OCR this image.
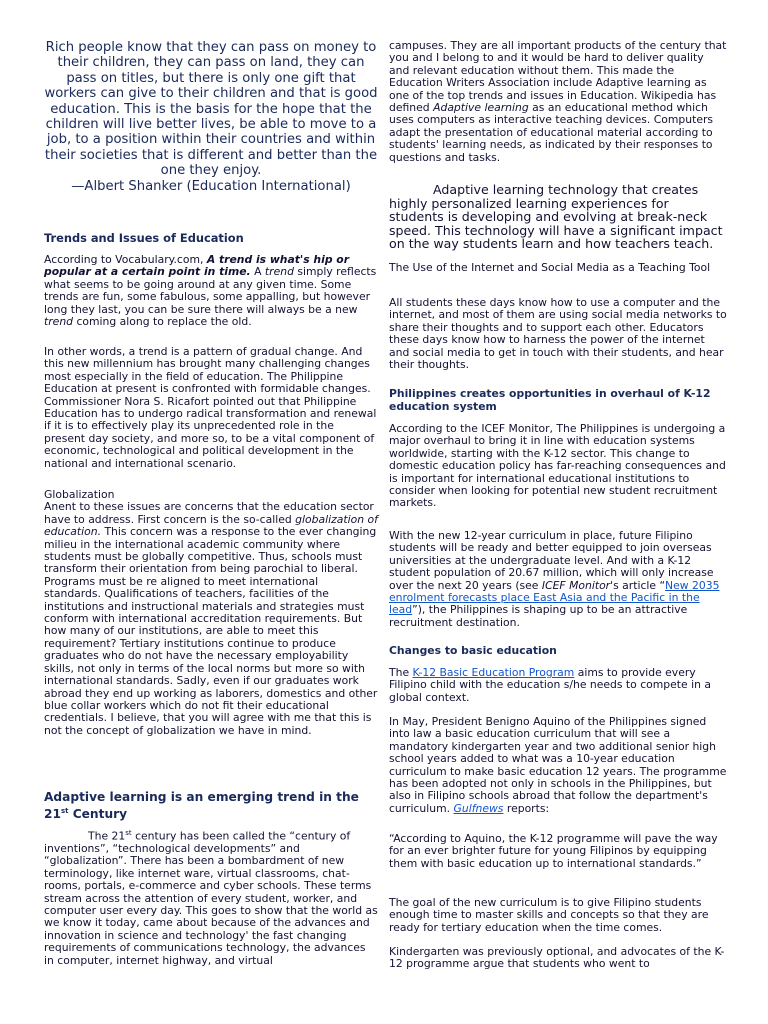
Rich people know that they can pass on money to their children, they can pass on land, they can pass on titles, but there is only one gift that workers can give to their children and that is good education. This is the basis for the hope that the children will live better lives, be able to move to a job, to a position within their countries and within their societies that is different and better than the one they enjoy.
—Albert Shanker (Education International)

Trends and Issues of Education

According to Vocabulary.com, A trend is what's hip or popular at a certain point in time. A trend simply reflects what seems to be going around at any given time. Some trends are fun, some fabulous, some appalling, but however long they last, you can be sure there will always be a new trend coming along to replace the old.

In other words, a trend is a pattern of gradual change. And this new millennium has brought many challenging changes most especially in the field of education. The Philippine Education at present is confronted with formidable changes. Commissioner Nora S. Ricafort pointed out that Philippine Education has to undergo radical transformation and renewal if it is to effectively play its unprecedented role in the present day society, and more so, to be a vital component of economic, technological and political development in the national and international scenario.

Globalization
Anent to these issues are concerns that the education sector have to address. First concern is the so-called globalization of education. This concern was a response to the ever changing milieu in the international academic community where students must be globally competitive. Thus, schools must transform their orientation from being parochial to liberal. Programs must be re aligned to meet international standards. Qualifications of teachers, facilities of the institutions and instructional materials and strategies must conform with international accreditation requirements. But how many of our institutions, are able to meet this requirement? Tertiary institutions continue to produce graduates who do not have the necessary employability skills, not only in terms of the local norms but more so with international standards. Sadly, even if our graduates work abroad they end up working as laborers, domestics and other blue collar workers which do not fit their educational credentials. I believe, that you will agree with me that this is not the concept of globalization we have in mind.

Adaptive learning is an emerging trend in the 21st Century

The 21st century has been called the “century of inventions”, “technological developments” and “globalization”. There has been a bombardment of new terminology, like internet ware, virtual classrooms, chat-rooms, portals, e-commerce and cyber schools. These terms stream across the attention of every student, worker, and computer user every day. This goes to show that the world as we know it today, came about because of the advances and innovation in science and technology' the fast changing requirements of communications technology, the advances in computer, internet highway, and virtual

campuses. They are all important products of the century that you and I belong to and it would be hard to deliver quality and relevant education without them. This made the Education Writers Association include Adaptive learning as one of the top trends and issues in Education. Wikipedia has defined Adaptive learning as an educational method which uses computers as interactive teaching devices. Computers adapt the presentation of educational material according to students' learning needs, as indicated by their responses to questions and tasks.

Adaptive learning technology that creates highly personalized learning experiences for students is developing and evolving at break-neck speed. This technology will have a significant impact on the way students learn and how teachers teach.

The Use of the Internet and Social Media as a Teaching Tool

All students these days know how to use a computer and the internet, and most of them are using social media networks to share their thoughts and to support each other. Educators these days know how to harness the power of the internet and social media to get in touch with their students, and hear their thoughts.

Philippines creates opportunities in overhaul of K-12 education system

According to the ICEF Monitor, The Philippines is undergoing a major overhaul to bring it in line with education systems worldwide, starting with the K-12 sector. This change to domestic education policy has far-reaching consequences and is important for international educational institutions to consider when looking for potential new student recruitment markets.

With the new 12-year curriculum in place, future Filipino students will be ready and better equipped to join overseas universities at the undergraduate level. And with a K-12 student population of 20.67 million, which will only increase over the next 20 years (see ICEF Monitor's article “New 2035 enrolment forecasts place East Asia and the Pacific in the lead”), the Philippines is shaping up to be an attractive recruitment destination.

Changes to basic education

The K-12 Basic Education Program aims to provide every Filipino child with the education s/he needs to compete in a global context.

In May, President Benigno Aquino of the Philippines signed into law a basic education curriculum that will see a mandatory kindergarten year and two additional senior high school years added to what was a 10-year education curriculum to make basic education 12 years. The programme has been adopted not only in schools in the Philippines, but also in Filipino schools abroad that follow the department's curriculum. Gulfnews reports:

“According to Aquino, the K-12 programme will pave the way for an ever brighter future for young Filipinos by equipping them with basic education up to international standards.”

The goal of the new curriculum is to give Filipino students enough time to master skills and concepts so that they are ready for tertiary education when the time comes.

Kindergarten was previously optional, and advocates of the K-12 programme argue that students who went to
